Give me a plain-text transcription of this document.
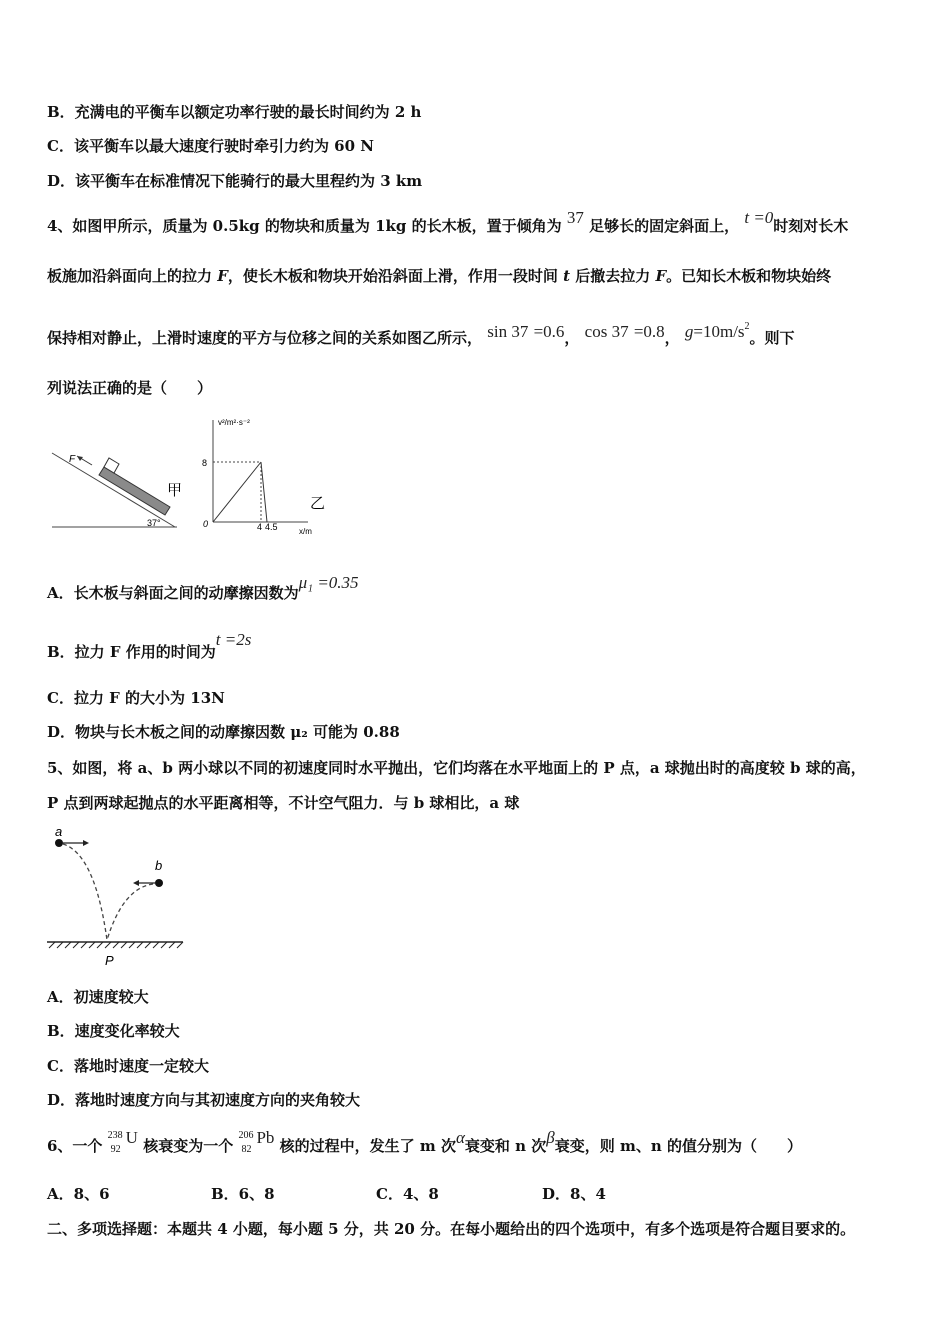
B．充满电的平衡车以额定功率行驶的最长时间约为 2 h
C．该平衡车以最大速度行驶时牵引力约为 60 N
D．该平衡车在标准情况下能骑行的最大里程约为 3 km
4、如图甲所示，质量为 0.5kg 的物块和质量为 1kg 的长木板，置于倾角为 37 足够长的固定斜面上， t =0时刻对长木
板施加沿斜面向上的拉力 F，使长木板和物块开始沿斜面上滑，作用一段时间 t 后撤去拉力 F。已知长木板和物块始终
保持相对静止，上滑时速度的平方与位移之间的关系如图乙所示， sin 37 =0.6， cos 37 =0.8， $g=10m/s^2$。则下
列说法正确的是（　　）
F
37°
甲
v²/m²·s⁻²
x/m
0
8
4 4.5
乙
A．长木板与斜面之间的动摩擦因数为μ₁ =0.35
B．拉力 F 作用的时间为t =2s
C．拉力 F 的大小为 13N
D．物块与长木板之间的动摩擦因数 μ₂ 可能为 0.88
5、如图，将 a、b 两小球以不同的初速度同时水平抛出，它们均落在水平地面上的 P 点，a 球抛出时的高度较 b 球的高，
P 点到两球起抛点的水平距离相等，不计空气阻力．与 b 球相比，a 球
a
b
P
A．初速度较大
B．速度变化率较大
C．落地时速度一定较大
D．落地时速度方向与其初速度方向的夹角较大
6、一个
238
92
U 核衰变为一个
206
82
Pb 核的过程中，发生了 m 次α衰变和 n 次β衰变，则 m、n 的值分别为（　　）
A．8、6	B．6、8	C．4、8	D．8、4
二、多项选择题：本题共 4 小题，每小题 5 分，共 20 分。在每小题给出的四个选项中，有多个选项是符合题目要求的。
